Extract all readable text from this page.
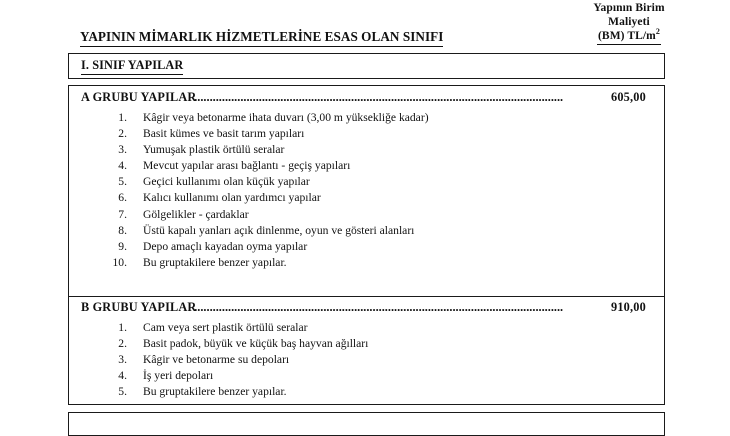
Yapının Birim
Maliyeti
(BM) $TL/m^2$
YAPININ MİMARLIK HİZMETLERİNE ESAS OLAN SINIFI
I. SINIF YAPILAR
........................................................................................................................
A GRUBU YAPILAR	605,00
1. Kâgir veya betonarme ihata duvarı (3,00 m yüksekliğe kadar)
2. Basit kümes ve basit tarım yapıları
3. Yumuşak plastik örtülü seralar
4. Mevcut yapılar arası bağlantı - geçiş yapıları
5. Geçici kullanımı olan küçük yapılar
6. Kalıcı kullanımı olan yardımcı yapılar
7. Gölgelikler - çardaklar
8. Üstü kapalı yanları açık dinlenme, oyun ve gösteri alanları
9. Depo amaçlı kayadan oyma yapılar
10. Bu gruptakilere benzer yapılar.
........................................................................................................................
B GRUBU YAPILAR	910,00
1. Cam veya sert plastik örtülü seralar
2. Basit padok, büyük ve küçük baş hayvan ağılları
3. Kâgir ve betonarme su depoları
4. İş yeri depoları
5. Bu gruptakilere benzer yapılar.
